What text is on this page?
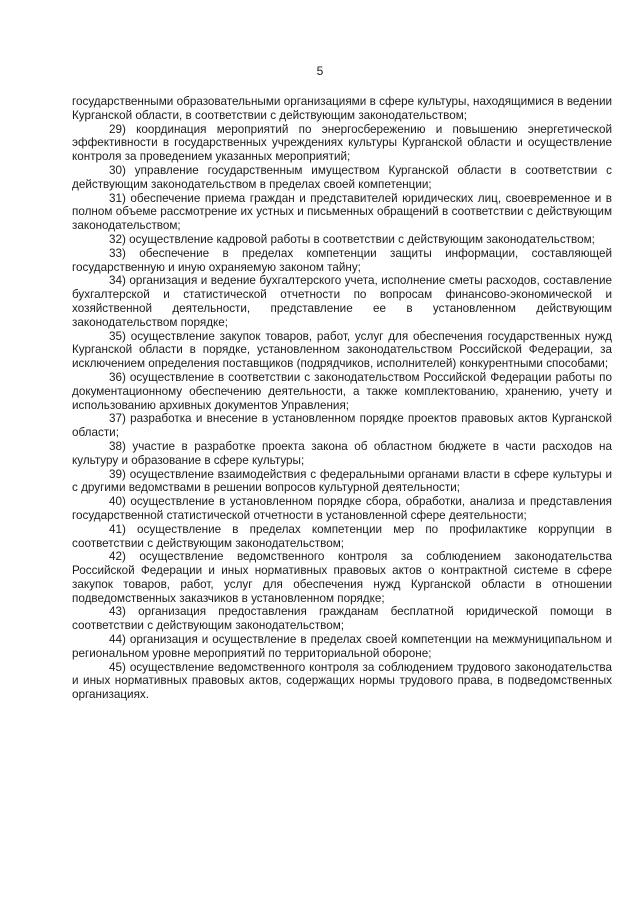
5

государственными образовательными организациями в сфере культуры, находящимися в ведении Курганской области, в соответствии с действующим законодательством;

29) координация мероприятий по энергосбережению и повышению энергетической эффективности в государственных учреждениях культуры Курганской области и осуществление контроля за проведением указанных мероприятий;

30) управление государственным имуществом Курганской области в соответствии с действующим законодательством в пределах своей компетенции;

31) обеспечение приема граждан и представителей юридических лиц, своевременное и в полном объеме рассмотрение их устных и письменных обращений в соответствии с действующим законодательством;

32) осуществление кадровой работы в соответствии с действующим законодательством;

33) обеспечение в пределах компетенции защиты информации, составляющей государственную и иную охраняемую законом тайну;

34) организация и ведение бухгалтерского учета, исполнение сметы расходов, составление бухгалтерской и статистической отчетности по вопросам финансово-экономической и хозяйственной деятельности, представление ее в установленном действующим законодательством порядке;

35) осуществление закупок товаров, работ, услуг для обеспечения государственных нужд Курганской области в порядке, установленном законодательством Российской Федерации, за исключением определения поставщиков (подрядчиков, исполнителей) конкурентными способами;

36) осуществление в соответствии с законодательством Российской Федерации работы по документационному обеспечению деятельности, а также комплектованию, хранению, учету и использованию архивных документов Управления;

37) разработка и внесение в установленном порядке проектов правовых актов Курганской области;

38) участие в разработке проекта закона об областном бюджете в части расходов на культуру и образование в сфере культуры;

39) осуществление взаимодействия с федеральными органами власти в сфере культуры и с другими ведомствами в решении вопросов культурной деятельности;

40) осуществление в установленном порядке сбора, обработки, анализа и представления государственной статистической отчетности в установленной сфере деятельности;

41) осуществление в пределах компетенции мер по профилактике коррупции в соответствии с действующим законодательством;

42) осуществление ведомственного контроля за соблюдением законодательства Российской Федерации и иных нормативных правовых актов о контрактной системе в сфере закупок товаров, работ, услуг для обеспечения нужд Курганской области в отношении подведомственных заказчиков в установленном порядке;

43) организация предоставления гражданам бесплатной юридической помощи в соответствии с действующим законодательством;

44) организация и осуществление в пределах своей компетенции на межмуниципальном и региональном уровне мероприятий по территориальной обороне;

45) осуществление ведомственного контроля за соблюдением трудового законодательства и иных нормативных правовых актов, содержащих нормы трудового права, в подведомственных организациях.
